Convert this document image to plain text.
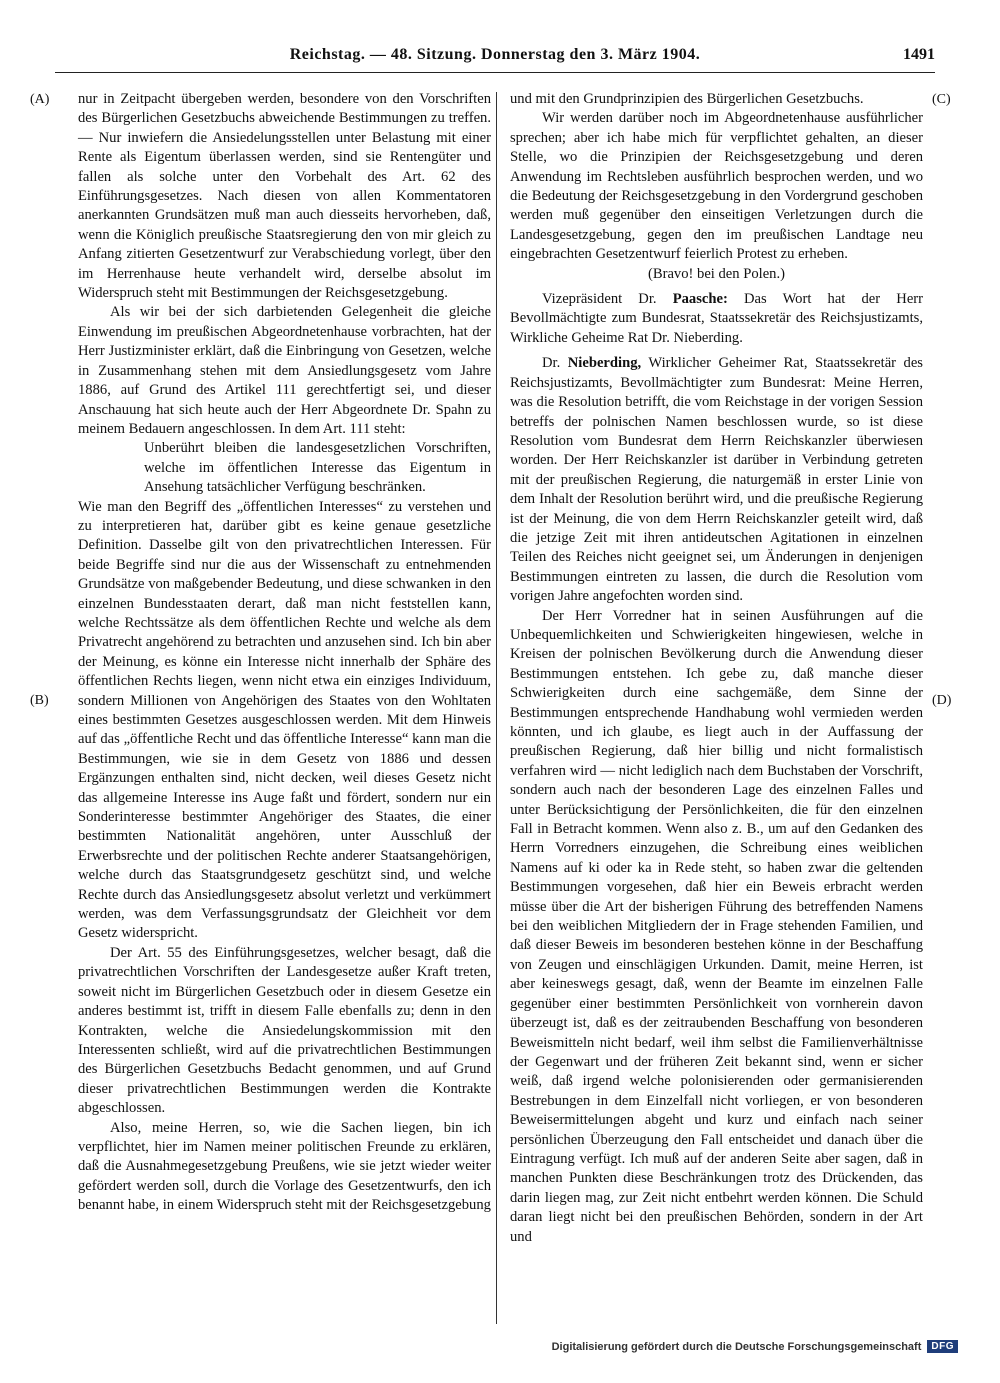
Reichstag. — 48. Sitzung. Donnerstag den 3. März 1904.	1491
(A)
(B)
(C)
(D)

nur in Zeitpacht übergeben werden, besondere von den Vorschriften des Bürgerlichen Gesetzbuchs abweichende Bestimmungen zu treffen. — Nur inwiefern die Ansiedelungsstellen unter Belastung mit einer Rente als Eigentum überlassen werden, sind sie Rentengüter und fallen als solche unter den Vorbehalt des Art. 62 des Einführungsgesetzes. Nach diesen von allen Kommentatoren anerkannten Grundsätzen muß man auch diesseits hervorheben, daß, wenn die Königlich preußische Staatsregierung den von mir gleich zu Anfang zitierten Gesetzentwurf zur Verabschiedung vorlegt, über den im Herrenhause heute verhandelt wird, derselbe absolut im Widerspruch steht mit Bestimmungen der Reichsgesetzgebung.

Als wir bei der sich darbietenden Gelegenheit die gleiche Einwendung im preußischen Abgeordnetenhause vorbrachten, hat der Herr Justizminister erklärt, daß die Einbringung von Gesetzen, welche in Zusammenhang stehen mit dem Ansiedlungsgesetz vom Jahre 1886, auf Grund des Artikel 111 gerechtfertigt sei, und dieser Anschauung hat sich heute auch der Herr Abgeordnete Dr. Spahn zu meinem Bedauern angeschlossen. In dem Art. 111 steht:

Unberührt bleiben die landesgesetzlichen Vorschriften, welche im öffentlichen Interesse das Eigentum in Ansehung tatsächlicher Verfügung beschränken.

Wie man den Begriff des „öffentlichen Interesses“ zu verstehen und zu interpretieren hat, darüber gibt es keine genaue gesetzliche Definition. Dasselbe gilt von den privatrechtlichen Interessen. Für beide Begriffe sind nur die aus der Wissenschaft zu entnehmenden Grundsätze von maßgebender Bedeutung, und diese schwanken in den einzelnen Bundesstaaten derart, daß man nicht feststellen kann, welche Rechtssätze als dem öffentlichen Rechte und welche als dem Privatrecht angehörend zu betrachten und anzusehen sind. Ich bin aber der Meinung, es könne ein Interesse nicht innerhalb der Sphäre des öffentlichen Rechts liegen, wenn nicht etwa ein einziges Individuum, sondern Millionen von Angehörigen des Staates von den Wohltaten eines bestimmten Gesetzes ausgeschlossen werden. Mit dem Hinweis auf das „öffentliche Recht und das öffentliche Interesse“ kann man die Bestimmungen, wie sie in dem Gesetz von 1886 und dessen Ergänzungen enthalten sind, nicht decken, weil dieses Gesetz nicht das allgemeine Interesse ins Auge faßt und fördert, sondern nur ein Sonderinteresse bestimmter Angehöriger des Staates, die einer bestimmten Nationalität angehören, unter Ausschluß der Erwerbsrechte und der politischen Rechte anderer Staatsangehörigen, welche durch das Staatsgrundgesetz geschützt sind, und welche Rechte durch das Ansiedlungsgesetz absolut verletzt und verkümmert werden, was dem Verfassungsgrundsatz der Gleichheit vor dem Gesetz widerspricht.

Der Art. 55 des Einführungsgesetzes, welcher besagt, daß die privatrechtlichen Vorschriften der Landesgesetze außer Kraft treten, soweit nicht im Bürgerlichen Gesetzbuch oder in diesem Gesetze ein anderes bestimmt ist, trifft in diesem Falle ebenfalls zu; denn in den Kontrakten, welche die Ansiedelungskommission mit den Interessenten schließt, wird auf die privatrechtlichen Bestimmungen des Bürgerlichen Gesetzbuchs Bedacht genommen, und auf Grund dieser privatrechtlichen Bestimmungen werden die Kontrakte abgeschlossen.

Also, meine Herren, so, wie die Sachen liegen, bin ich verpflichtet, hier im Namen meiner politischen Freunde zu erklären, daß die Ausnahmegesetzgebung Preußens, wie sie jetzt wieder weiter gefördert werden soll, durch die Vorlage des Gesetzentwurfs, den ich benannt habe, in einem Widerspruch steht mit der Reichsgesetzgebung

und mit den Grundprinzipien des Bürgerlichen Gesetzbuchs.

Wir werden darüber noch im Abgeordnetenhause ausführlicher sprechen; aber ich habe mich für verpflichtet gehalten, an dieser Stelle, wo die Prinzipien der Reichsgesetzgebung und deren Anwendung im Rechtsleben ausführlich besprochen werden, und wo die Bedeutung der Reichsgesetzgebung in den Vordergrund geschoben werden muß gegenüber den einseitigen Verletzungen durch die Landesgesetzgebung, gegen den im preußischen Landtage neu eingebrachten Gesetzentwurf feierlich Protest zu erheben.

(Bravo! bei den Polen.)

Vizepräsident Dr. Paasche: Das Wort hat der Herr Bevollmächtigte zum Bundesrat, Staatssekretär des Reichsjustizamts, Wirkliche Geheime Rat Dr. Nieberding.

Dr. Nieberding, Wirklicher Geheimer Rat, Staatssekretär des Reichsjustizamts, Bevollmächtigter zum Bundesrat: Meine Herren, was die Resolution betrifft, die vom Reichstage in der vorigen Session betreffs der polnischen Namen beschlossen wurde, so ist diese Resolution vom Bundesrat dem Herrn Reichskanzler überwiesen worden. Der Herr Reichskanzler ist darüber in Verbindung getreten mit der preußischen Regierung, die naturgemäß in erster Linie von dem Inhalt der Resolution berührt wird, und die preußische Regierung ist der Meinung, die von dem Herrn Reichskanzler geteilt wird, daß die jetzige Zeit mit ihren antideutschen Agitationen in einzelnen Teilen des Reiches nicht geeignet sei, um Änderungen in denjenigen Bestimmungen eintreten zu lassen, die durch die Resolution vom vorigen Jahre angefochten worden sind.

Der Herr Vorredner hat in seinen Ausführungen auf die Unbequemlichkeiten und Schwierigkeiten hingewiesen, welche in Kreisen der polnischen Bevölkerung durch die Anwendung dieser Bestimmungen entstehen. Ich gebe zu, daß manche dieser Schwierigkeiten durch eine sachgemäße, dem Sinne der Bestimmungen entsprechende Handhabung wohl vermieden werden könnten, und ich glaube, es liegt auch in der Auffassung der preußischen Regierung, daß hier billig und nicht formalistisch verfahren wird — nicht lediglich nach dem Buchstaben der Vorschrift, sondern auch nach der besonderen Lage des einzelnen Falles und unter Berücksichtigung der Persönlichkeiten, die für den einzelnen Fall in Betracht kommen. Wenn also z. B., um auf den Gedanken des Herrn Vorredners einzugehen, die Schreibung eines weiblichen Namens auf ki oder ka in Rede steht, so haben zwar die geltenden Bestimmungen vorgesehen, daß hier ein Beweis erbracht werden müsse über die Art der bisherigen Führung des betreffenden Namens bei den weiblichen Mitgliedern der in Frage stehenden Familien, und daß dieser Beweis im besonderen bestehen könne in der Beschaffung von Zeugen und einschlägigen Urkunden. Damit, meine Herren, ist aber keineswegs gesagt, daß, wenn der Beamte im einzelnen Falle gegenüber einer bestimmten Persönlichkeit von vornherein davon überzeugt ist, daß es der zeitraubenden Beschaffung von besonderen Beweismitteln nicht bedarf, weil ihm selbst die Familienverhältnisse der Gegenwart und der früheren Zeit bekannt sind, wenn er sicher weiß, daß irgend welche polonisierenden oder germanisierenden Bestrebungen in dem Einzelfall nicht vorliegen, er von besonderen Beweisermittelungen abgeht und kurz und einfach nach seiner persönlichen Überzeugung den Fall entscheidet und danach über die Eintragung verfügt. Ich muß auf der anderen Seite aber sagen, daß in manchen Punkten diese Beschränkungen trotz des Drückenden, das darin liegen mag, zur Zeit nicht entbehrt werden können. Die Schuld daran liegt nicht bei den preußischen Behörden, sondern in der Art und

Digitalisierung gefördert durch die Deutsche Forschungsgemeinschaft	DFG
